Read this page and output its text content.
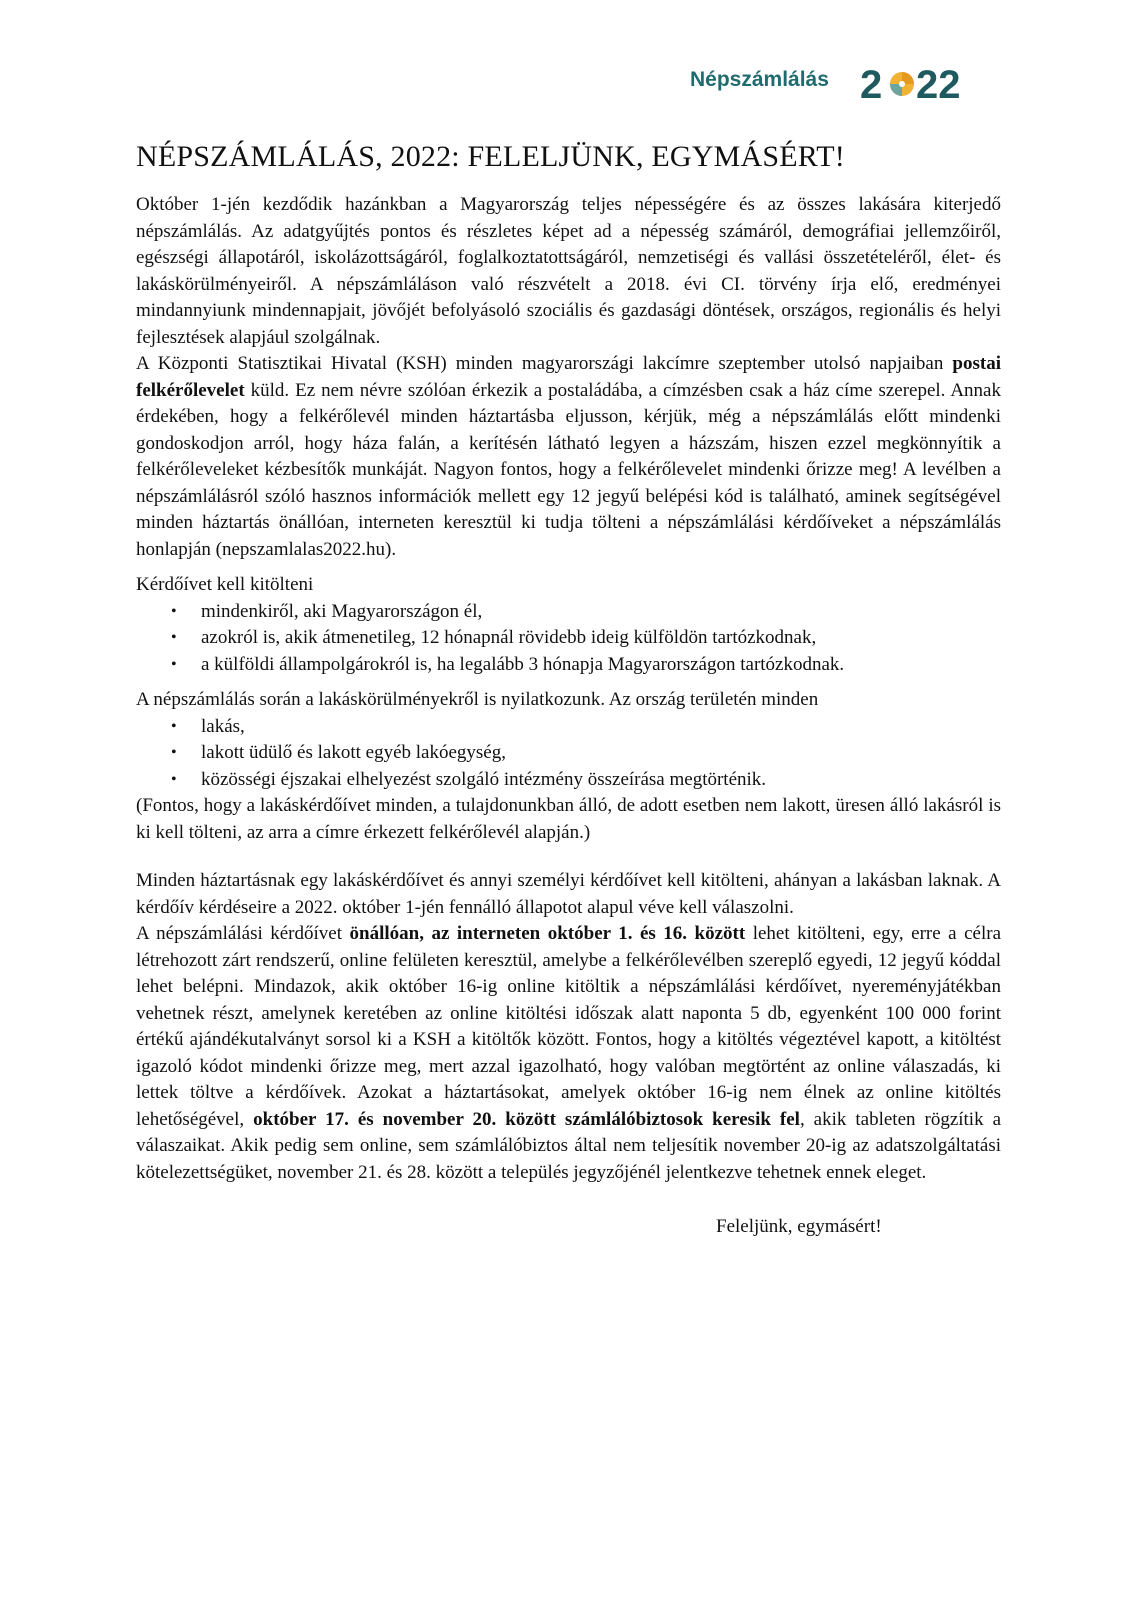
Népszámlálás 2 22
NÉPSZÁMLÁLÁS, 2022: FELELJÜNK, EGYMÁSÉRT!

Október 1-jén kezdődik hazánkban a Magyarország teljes népességére és az összes lakására kiterjedő népszámlálás. Az adatgyűjtés pontos és részletes képet ad a népesség számáról, demográfiai jellemzőiről, egészségi állapotáról, iskolázottságáról, foglalkoztatottságáról, nemzetiségi és vallási összetételéről, élet- és lakáskörülményeiről. A népszámláláson való részvételt a 2018. évi CI. törvény írja elő, eredményei mindannyiunk mindennapjait, jövőjét befolyásoló szociális és gazdasági döntések, országos, regionális és helyi fejlesztések alapjául szolgálnak.

A Központi Statisztikai Hivatal (KSH) minden magyarországi lakcímre szeptember utolsó napjaiban postai felkérőlevelet küld. Ez nem névre szólóan érkezik a postaládába, a címzésben csak a ház címe szerepel. Annak érdekében, hogy a felkérőlevél minden háztartásba eljusson, kérjük, még a népszámlálás előtt mindenki gondoskodjon arról, hogy háza falán, a kerítésén látható legyen a házszám, hiszen ezzel megkönnyítik a felkérőleveleket kézbesítők munkáját. Nagyon fontos, hogy a felkérőlevelet mindenki őrizze meg! A levélben a népszámlálásról szóló hasznos információk mellett egy 12 jegyű belépési kód is található, aminek segítségével minden háztartás önállóan, interneten keresztül ki tudja tölteni a népszámlálási kérdőíveket a népszámlálás honlapján (nepszamlalas2022.hu).

Kérdőívet kell kitölteni

• mindenkiről, aki Magyarországon él,
• azokról is, akik átmenetileg, 12 hónapnál rövidebb ideig külföldön tartózkodnak,
• a külföldi állampolgárokról is, ha legalább 3 hónapja Magyarországon tartózkodnak.

A népszámlálás során a lakáskörülményekről is nyilatkozunk. Az ország területén minden

• lakás,
• lakott üdülő és lakott egyéb lakóegység,
• közösségi éjszakai elhelyezést szolgáló intézmény összeírása megtörténik.

(Fontos, hogy a lakáskérdőívet minden, a tulajdonunkban álló, de adott esetben nem lakott, üresen álló lakásról is ki kell tölteni, az arra a címre érkezett felkérőlevél alapján.)

Minden háztartásnak egy lakáskérdőívet és annyi személyi kérdőívet kell kitölteni, ahányan a lakásban laknak. A kérdőív kérdéseire a 2022. október 1-jén fennálló állapotot alapul véve kell válaszolni.

A népszámlálási kérdőívet önállóan, az interneten október 1. és 16. között lehet kitölteni, egy, erre a célra létrehozott zárt rendszerű, online felületen keresztül, amelybe a felkérőlevélben szereplő egyedi, 12 jegyű kóddal lehet belépni. Mindazok, akik október 16-ig online kitöltik a népszámlálási kérdőívet, nyereményjátékban vehetnek részt, amelynek keretében az online kitöltési időszak alatt naponta 5 db, egyenként 100 000 forint értékű ajándékutalványt sorsol ki a KSH a kitöltők között. Fontos, hogy a kitöltés végeztével kapott, a kitöltést igazoló kódot mindenki őrizze meg, mert azzal igazolható, hogy valóban megtörtént az online válaszadás, ki lettek töltve a kérdőívek. Azokat a háztartásokat, amelyek október 16-ig nem élnek az online kitöltés lehetőségével, október 17. és november 20. között számlálóbiztosok keresik fel, akik tableten rögzítik a válaszaikat. Akik pedig sem online, sem számlálóbiztos által nem teljesítik november 20-ig az adatszolgáltatási kötelezettségüket, november 21. és 28. között a település jegyzőjénél jelentkezve tehetnek ennek eleget.

Feleljünk, egymásért!
